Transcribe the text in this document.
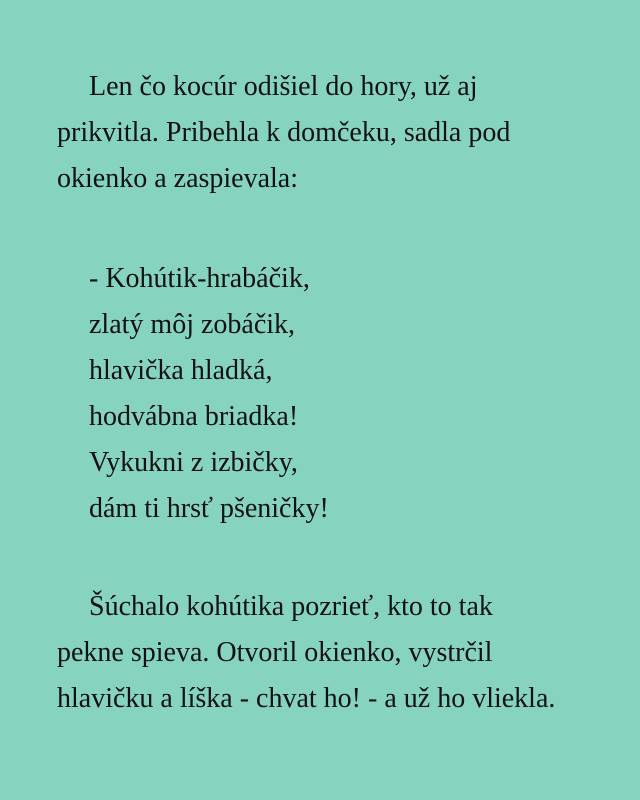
Len čo kocúr odišiel do hory, už aj
prikvitla. Pribehla k domčeku, sadla pod
okienko a zaspievala:

- Kohútik-hrabáčik,
zlatý môj zobáčik,
hlavička hladká,
hodvábna briadka!
Vykukni z izbičky,
dám ti hrsť pšeničky!

Šúchalo kohútika pozrieť, kto to tak
pekne spieva. Otvoril okienko, vystrčil
hlavičku a líška - chvat ho! - a už ho vliekla.
